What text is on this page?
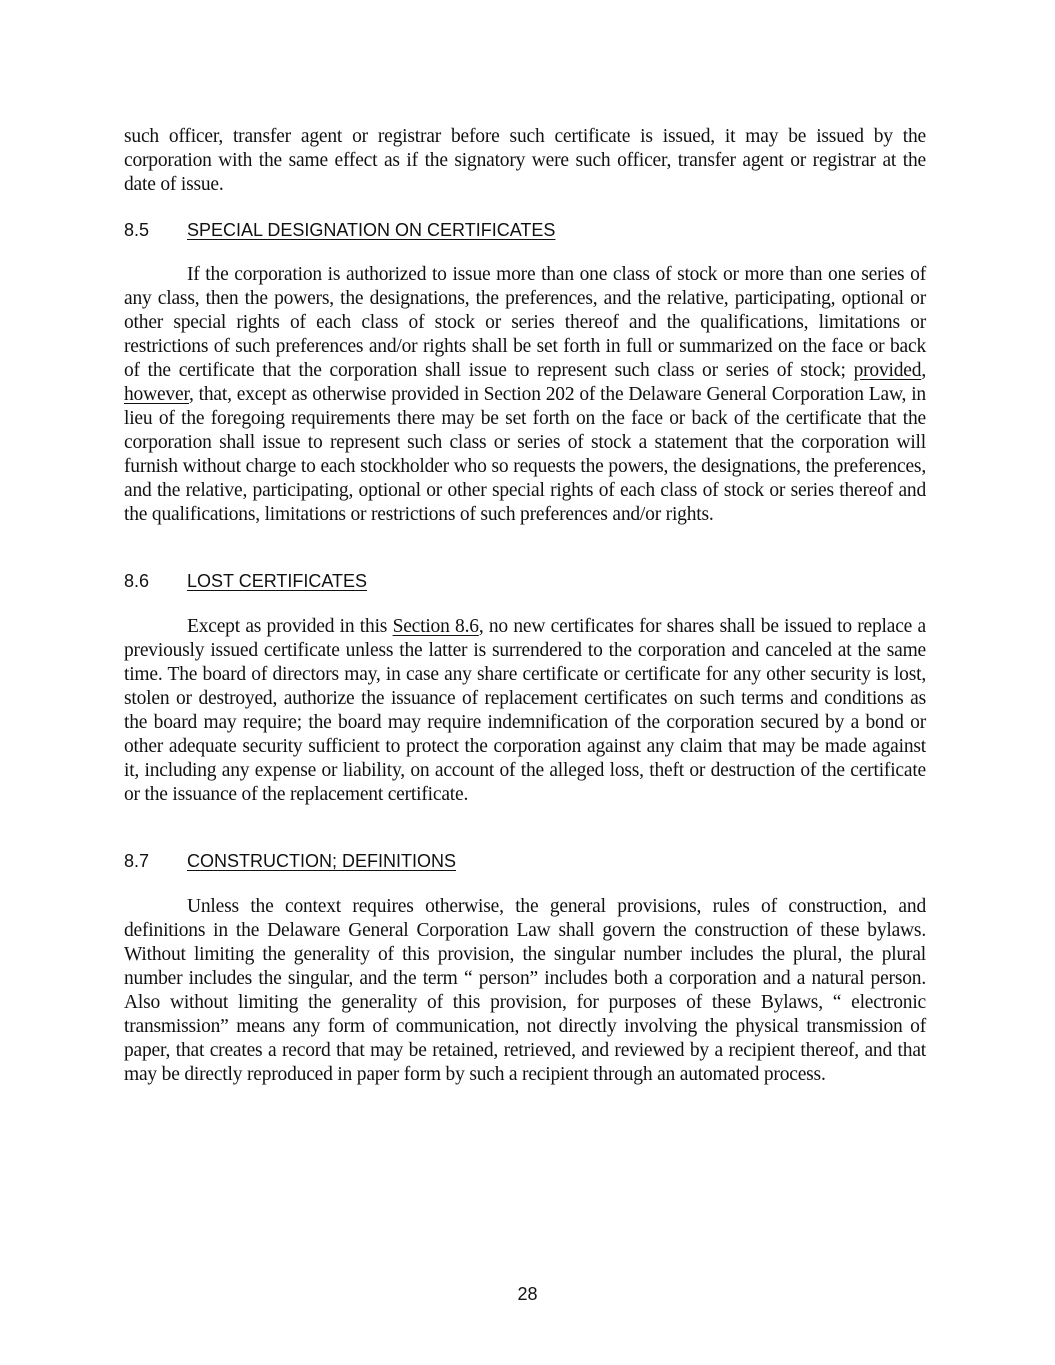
such officer, transfer agent or registrar before such certificate is issued, it may be issued by the corporation with the same effect as if the signatory were such officer, transfer agent or registrar at the date of issue.

8.5 SPECIAL DESIGNATION ON CERTIFICATES

If the corporation is authorized to issue more than one class of stock or more than one series of any class, then the powers, the designations, the preferences, and the relative, participating, optional or other special rights of each class of stock or series thereof and the qualifications, limitations or restrictions of such preferences and/or rights shall be set forth in full or summarized on the face or back of the certificate that the corporation shall issue to represent such class or series of stock; provided, however, that, except as otherwise provided in Section 202 of the Delaware General Corporation Law, in lieu of the foregoing requirements there may be set forth on the face or back of the certificate that the corporation shall issue to represent such class or series of stock a statement that the corporation will furnish without charge to each stockholder who so requests the powers, the designations, the preferences, and the relative, participating, optional or other special rights of each class of stock or series thereof and the qualifications, limitations or restrictions of such preferences and/or rights.

8.6 LOST CERTIFICATES

Except as provided in this Section 8.6, no new certificates for shares shall be issued to replace a previously issued certificate unless the latter is surrendered to the corporation and canceled at the same time. The board of directors may, in case any share certificate or certificate for any other security is lost, stolen or destroyed, authorize the issuance of replacement certificates on such terms and conditions as the board may require; the board may require indemnification of the corporation secured by a bond or other adequate security sufficient to protect the corporation against any claim that may be made against it, including any expense or liability, on account of the alleged loss, theft or destruction of the certificate or the issuance of the replacement certificate.

8.7 CONSTRUCTION; DEFINITIONS

Unless the context requires otherwise, the general provisions, rules of construction, and definitions in the Delaware General Corporation Law shall govern the construction of these bylaws. Without limiting the generality of this provision, the singular number includes the plural, the plural number includes the singular, and the term “ person” includes both a corporation and a natural person. Also without limiting the generality of this provision, for purposes of these Bylaws, “ electronic transmission” means any form of communication, not directly involving the physical transmission of paper, that creates a record that may be retained, retrieved, and reviewed by a recipient thereof, and that may be directly reproduced in paper form by such a recipient through an automated process.

28
